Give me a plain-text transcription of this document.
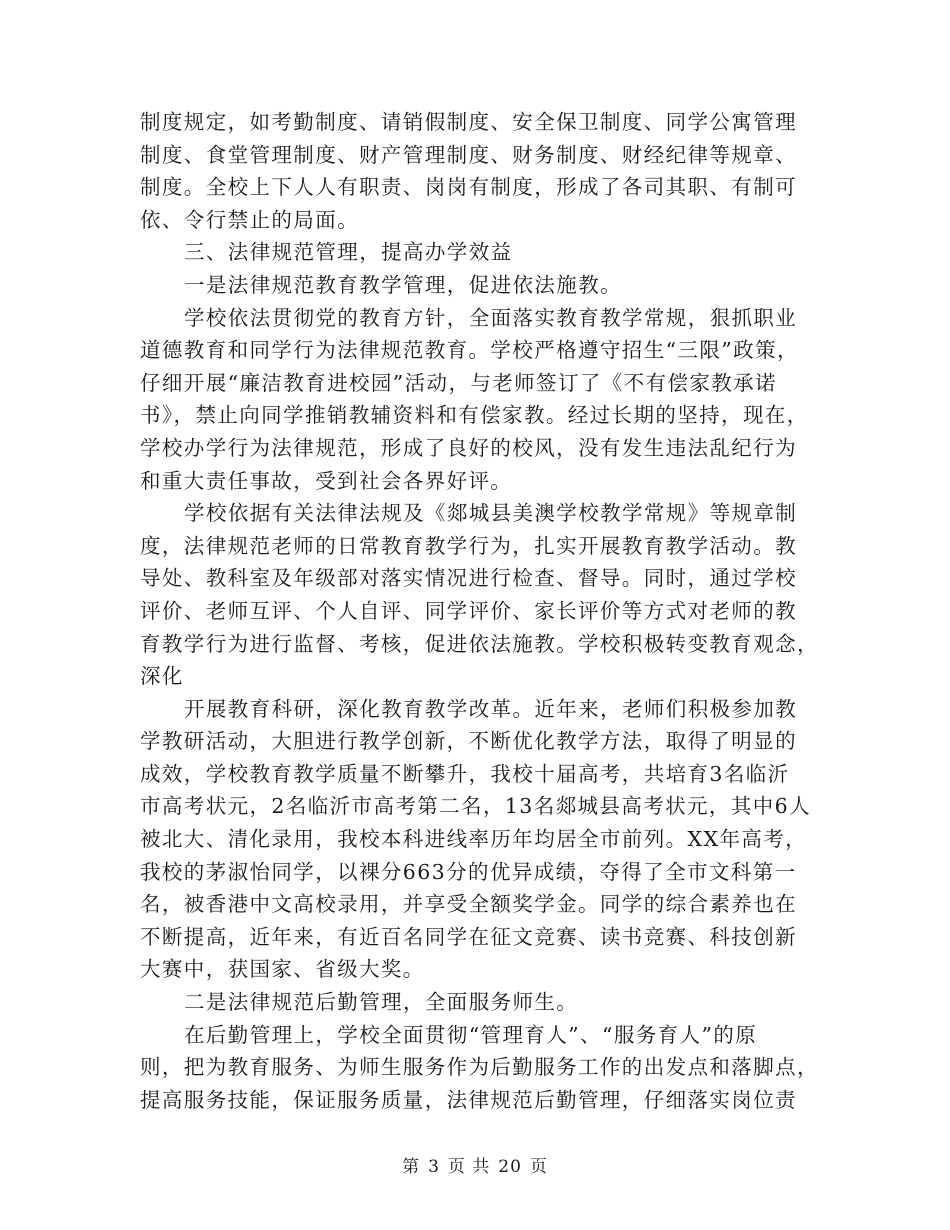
制度规定，如考勤制度、请销假制度、安全保卫制度、同学公寓管理
制度、食堂管理制度、财产管理制度、财务制度、财经纪律等规章、
制度。全校上下人人有职责、岗岗有制度，形成了各司其职、有制可
依、令行禁止的局面。

三、法律规范管理，提高办学效益

一是法律规范教育教学管理，促进依法施教。

学校依法贯彻党的教育方针，全面落实教育教学常规，狠抓职业
道德教育和同学行为法律规范教育。学校严格遵守招生“三限”政策，
仔细开展“廉洁教育进校园”活动，与老师签订了《不有偿家教承诺
书》，禁止向同学推销教辅资料和有偿家教。经过长期的坚持，现在，
学校办学行为法律规范，形成了良好的校风，没有发生违法乱纪行为
和重大责任事故，受到社会各界好评。

学校依据有关法律法规及《郯城县美澳学校教学常规》等规章制
度，法律规范老师的日常教育教学行为，扎实开展教育教学活动。教
导处、教科室及年级部对落实情况进行检查、督导。同时，通过学校
评价、老师互评、个人自评、同学评价、家长评价等方式对老师的教
育教学行为进行监督、考核，促进依法施教。学校积极转变教育观念，
深化

开展教育科研，深化教育教学改革。近年来，老师们积极参加教
学教研活动，大胆进行教学创新，不断优化教学方法，取得了明显的
成效，学校教育教学质量不断攀升，我校十届高考，共培育3名临沂
市高考状元，2名临沂市高考第二名，13名郯城县高考状元，其中6人
被北大、清化录用，我校本科进线率历年均居全市前列。XX年高考，
我校的茅淑怡同学，以裸分663分的优异成绩，夺得了全市文科第一
名，被香港中文高校录用，并享受全额奖学金。同学的综合素养也在
不断提高，近年来，有近百名同学在征文竞赛、读书竞赛、科技创新
大赛中，获国家、省级大奖。

二是法律规范后勤管理，全面服务师生。

在后勤管理上，学校全面贯彻“管理育人”、“服务育人”的原
则，把为教育服务、为师生服务作为后勤服务工作的出发点和落脚点，
提高服务技能，保证服务质量，法律规范后勤管理，仔细落实岗位责

第 3 页 共 20 页
